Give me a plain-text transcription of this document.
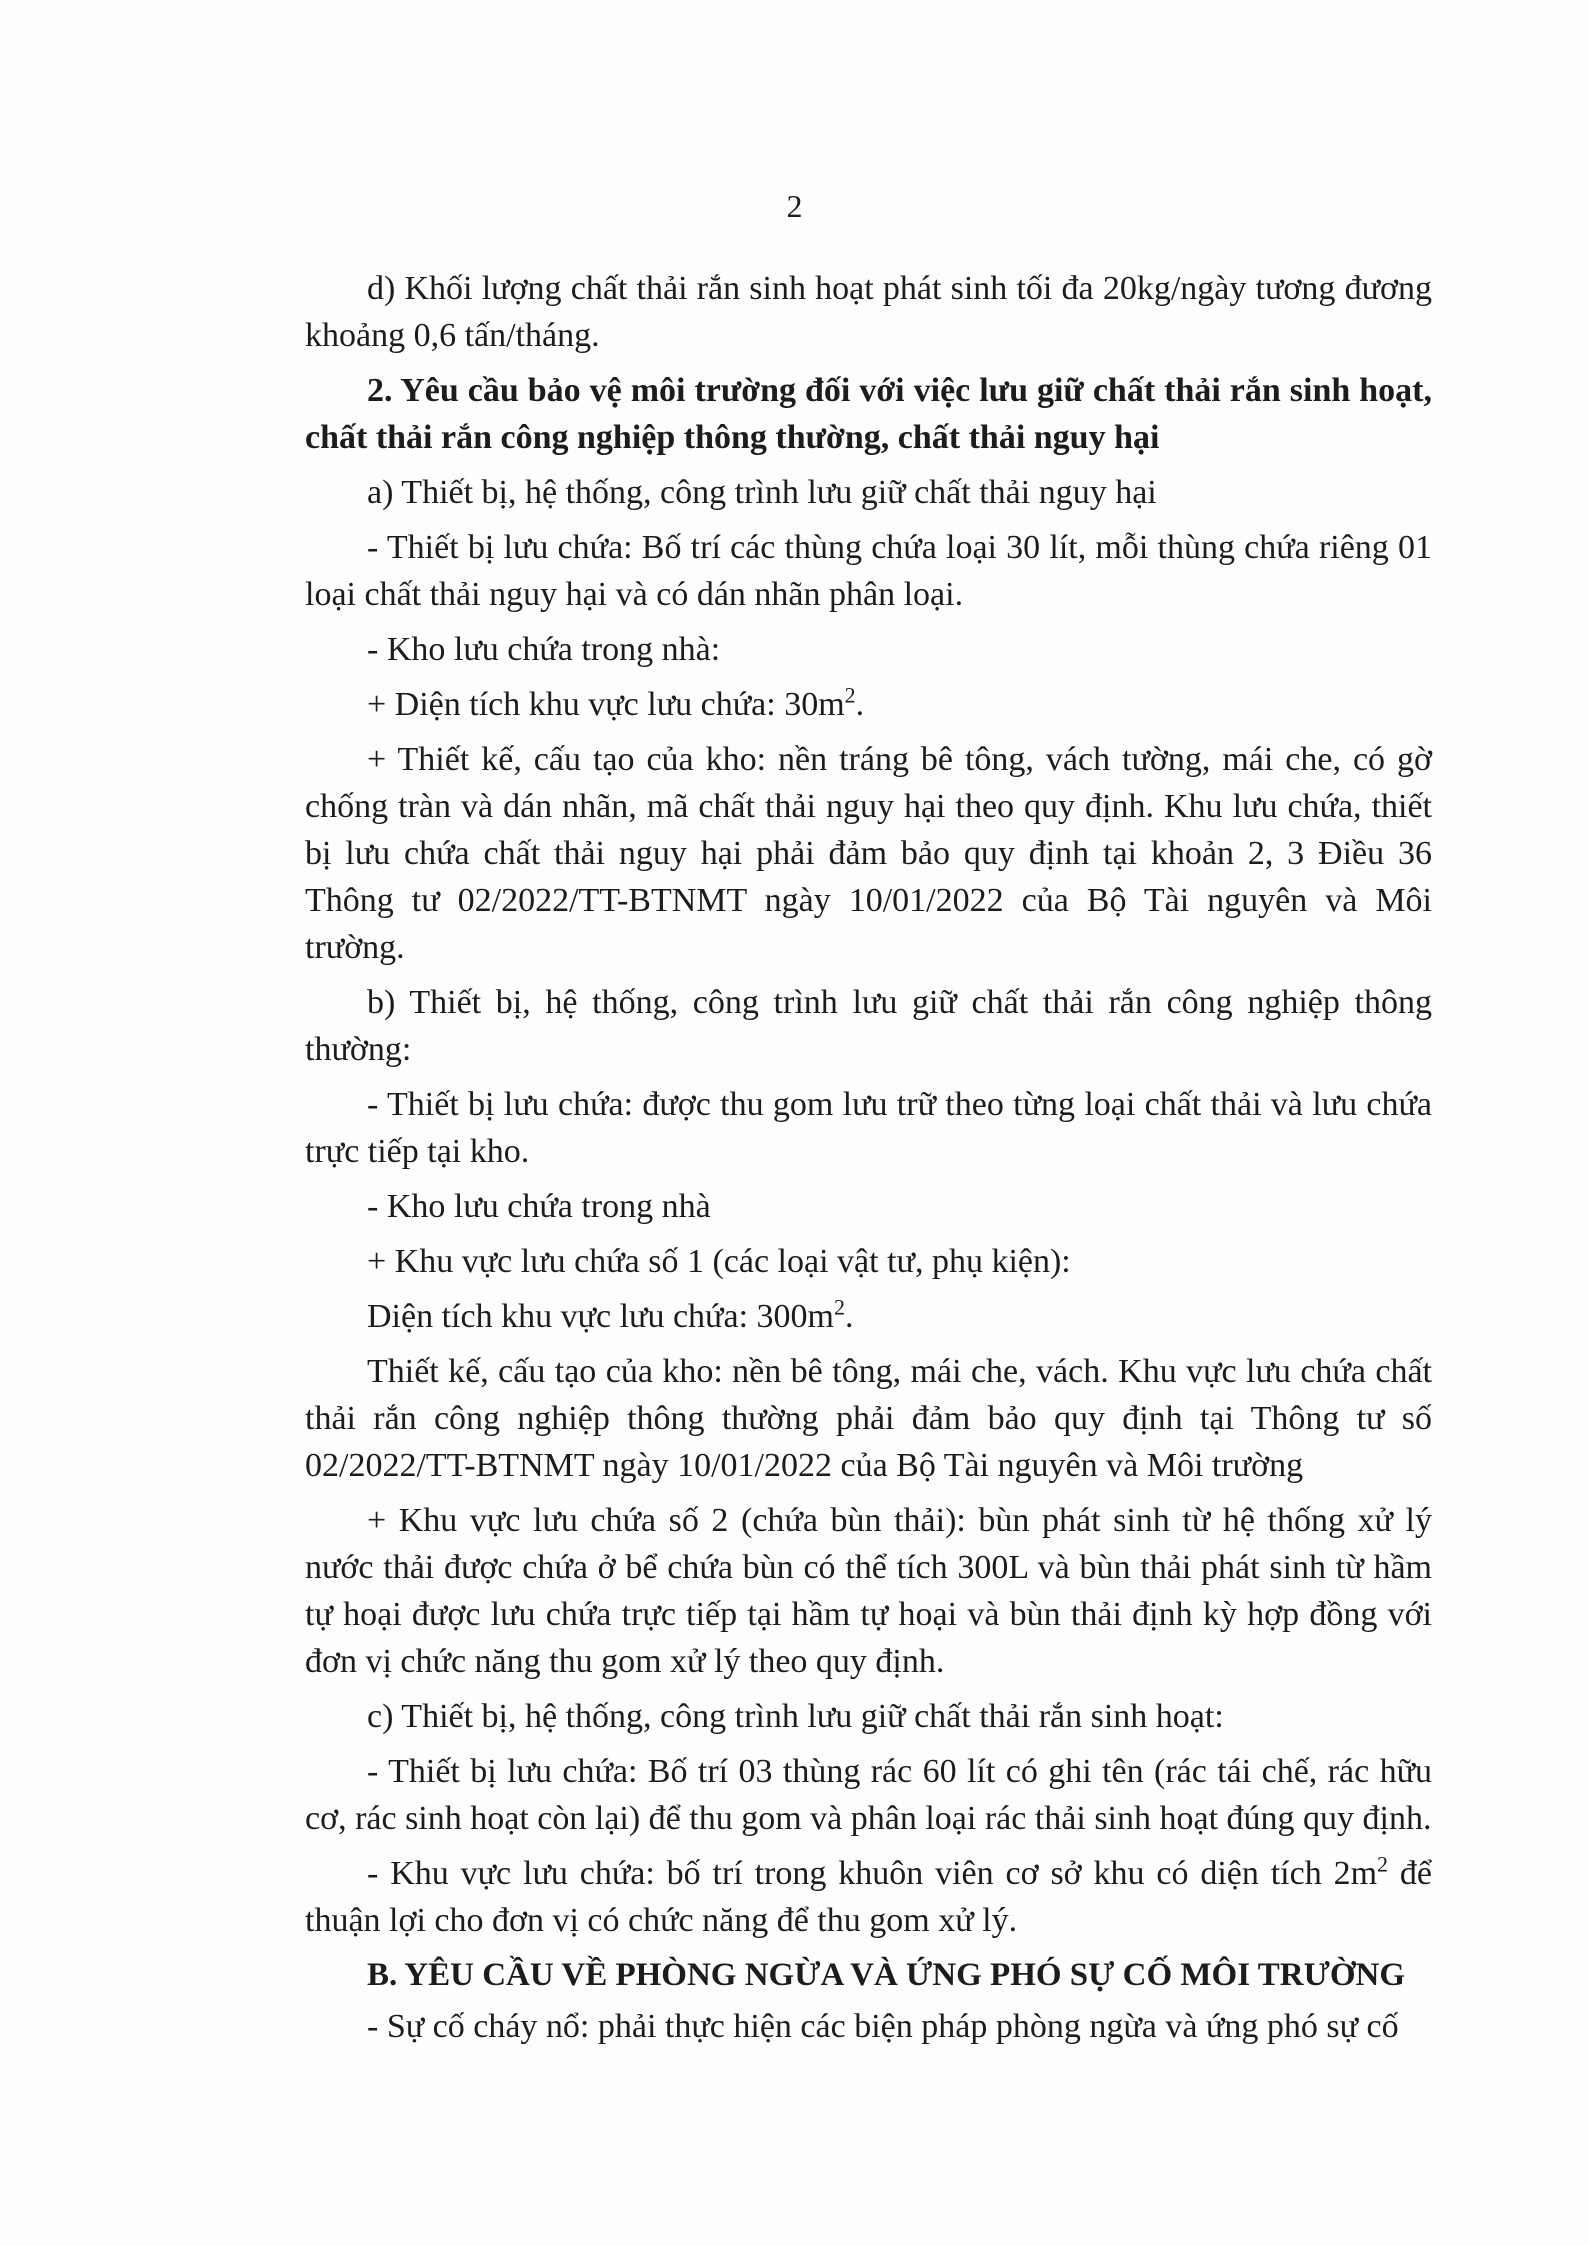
2
d) Khối lượng chất thải rắn sinh hoạt phát sinh tối đa 20kg/ngày tương đương khoảng 0,6 tấn/tháng.
2. Yêu cầu bảo vệ môi trường đối với việc lưu giữ chất thải rắn sinh hoạt, chất thải rắn công nghiệp thông thường, chất thải nguy hại
a) Thiết bị, hệ thống, công trình lưu giữ chất thải nguy hại
- Thiết bị lưu chứa: Bố trí các thùng chứa loại 30 lít, mỗi thùng chứa riêng 01 loại chất thải nguy hại và có dán nhãn phân loại.
- Kho lưu chứa trong nhà:
+ Diện tích khu vực lưu chứa: $30m^2$.
+ Thiết kế, cấu tạo của kho: nền tráng bê tông, vách tường, mái che, có gờ chống tràn và dán nhãn, mã chất thải nguy hại theo quy định. Khu lưu chứa, thiết bị lưu chứa chất thải nguy hại phải đảm bảo quy định tại khoản 2, 3 Điều 36 Thông tư 02/2022/TT-BTNMT ngày 10/01/2022 của Bộ Tài nguyên và Môi trường.
b) Thiết bị, hệ thống, công trình lưu giữ chất thải rắn công nghiệp thông thường:
- Thiết bị lưu chứa: được thu gom lưu trữ theo từng loại chất thải và lưu chứa trực tiếp tại kho.
- Kho lưu chứa trong nhà
+ Khu vực lưu chứa số 1 (các loại vật tư, phụ kiện):
Diện tích khu vực lưu chứa: $300m^2$.
Thiết kế, cấu tạo của kho: nền bê tông, mái che, vách. Khu vực lưu chứa chất thải rắn công nghiệp thông thường phải đảm bảo quy định tại Thông tư số 02/2022/TT-BTNMT ngày 10/01/2022 của Bộ Tài nguyên và Môi trường
+ Khu vực lưu chứa số 2 (chứa bùn thải): bùn phát sinh từ hệ thống xử lý nước thải được chứa ở bể chứa bùn có thể tích 300L và bùn thải phát sinh từ hầm tự hoại được lưu chứa trực tiếp tại hầm tự hoại và bùn thải định kỳ hợp đồng với đơn vị chức năng thu gom xử lý theo quy định.
c) Thiết bị, hệ thống, công trình lưu giữ chất thải rắn sinh hoạt:
- Thiết bị lưu chứa: Bố trí 03 thùng rác 60 lít có ghi tên (rác tái chế, rác hữu cơ, rác sinh hoạt còn lại) để thu gom và phân loại rác thải sinh hoạt đúng quy định.
- Khu vực lưu chứa: bố trí trong khuôn viên cơ sở khu có diện tích $2m^2$ để thuận lợi cho đơn vị có chức năng để thu gom xử lý.
B. YÊU CẦU VỀ PHÒNG NGỪA VÀ ỨNG PHÓ SỰ CỐ MÔI TRƯỜNG
- Sự cố cháy nổ: phải thực hiện các biện pháp phòng ngừa và ứng phó sự cố
